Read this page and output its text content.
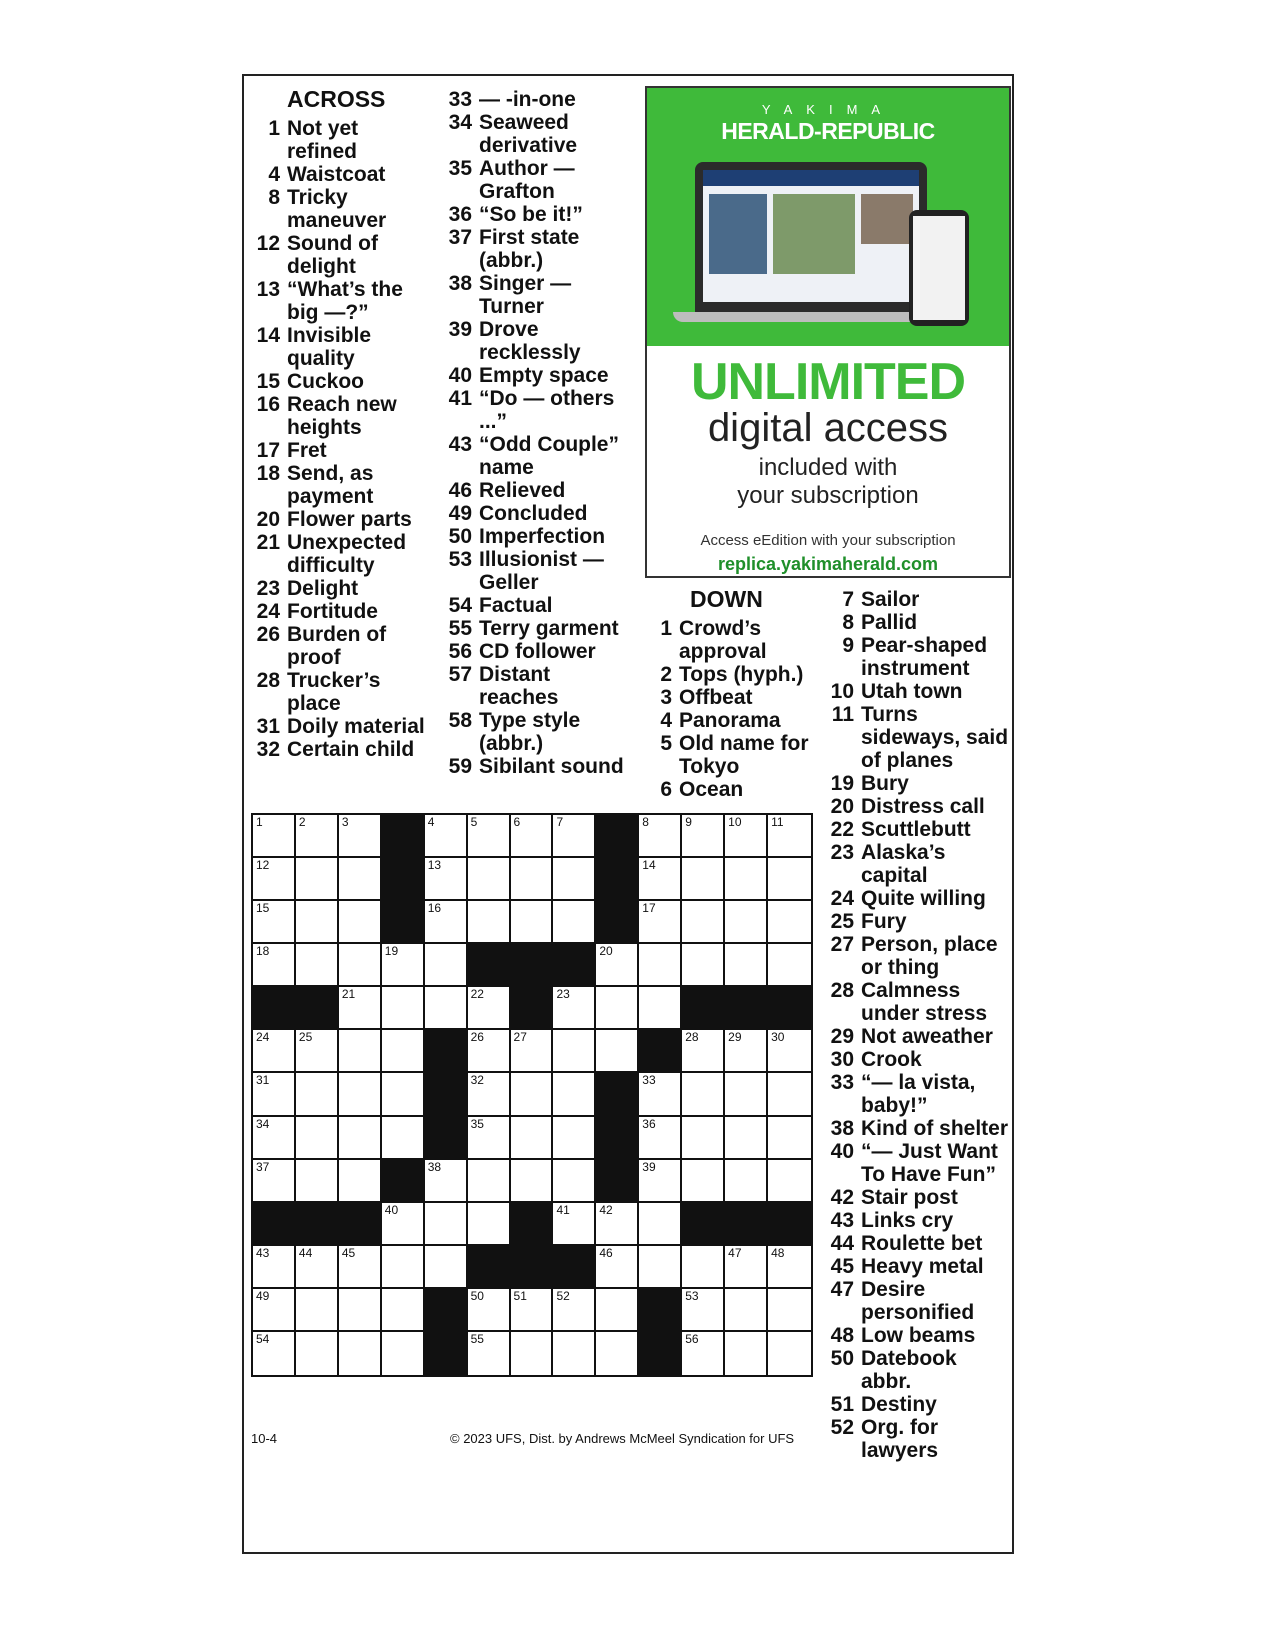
ACROSS
1 Not yet refined
4 Waistcoat
8 Tricky maneuver
12 Sound of delight
13 “What’s the big —?”
14 Invisible quality
15 Cuckoo
16 Reach new heights
17 Fret
18 Send, as payment
20 Flower parts
21 Unexpected difficulty
23 Delight
24 Fortitude
26 Burden of proof
28 Trucker’s place
31 Doily material
32 Certain child
33 — -in-one
34 Seaweed derivative
35 Author — Grafton
36 “So be it!”
37 First state (abbr.)
38 Singer — Turner
39 Drove recklessly
40 Empty space
41 “Do — others ...”
43 “Odd Couple” name
46 Relieved
49 Concluded
50 Imperfection
53 Illusionist — Geller
54 Factual
55 Terry garment
56 CD follower
57 Distant reaches
58 Type style (abbr.)
59 Sibilant sound
YAKIMA
HERALD-REPUBLIC
UNLIMITED
digital access
included with
your subscription
Access eEdition with your subscription
replica.yakimaherald.com
DOWN
1 Crowd’s approval
2 Tops (hyph.)
3 Offbeat
4 Panorama
5 Old name for Tokyo
6 Ocean
7 Sailor
8 Pallid
9 Pear-shaped instrument
10 Utah town
11 Turns sideways, said of planes
19 Bury
20 Distress call
22 Scuttlebutt
23 Alaska’s capital
24 Quite willing
25 Fury
27 Person, place or thing
28 Calmness under stress
29 Not aweather
30 Crook
33 “— la vista, baby!”
38 Kind of shelter
40 “— Just Want To Have Fun”
42 Stair post
43 Links cry
44 Roulette bet
45 Heavy metal
47 Desire personified
48 Low beams
50 Datebook abbr.
51 Destiny
52 Org. for lawyers
1	2	3	4	5	6	7	8	9	10 11
12	13	14
15	16	17
18	19	20
21	22	23
24 25	26 27	28 29 30
31	32	33
34	35	36
37	38	39
40	41 42
43 44 45	46	47 48
49	50 51 52	53
54	55	56
10-4	© 2023 UFS, Dist. by Andrews McMeel Syndication for UFS
